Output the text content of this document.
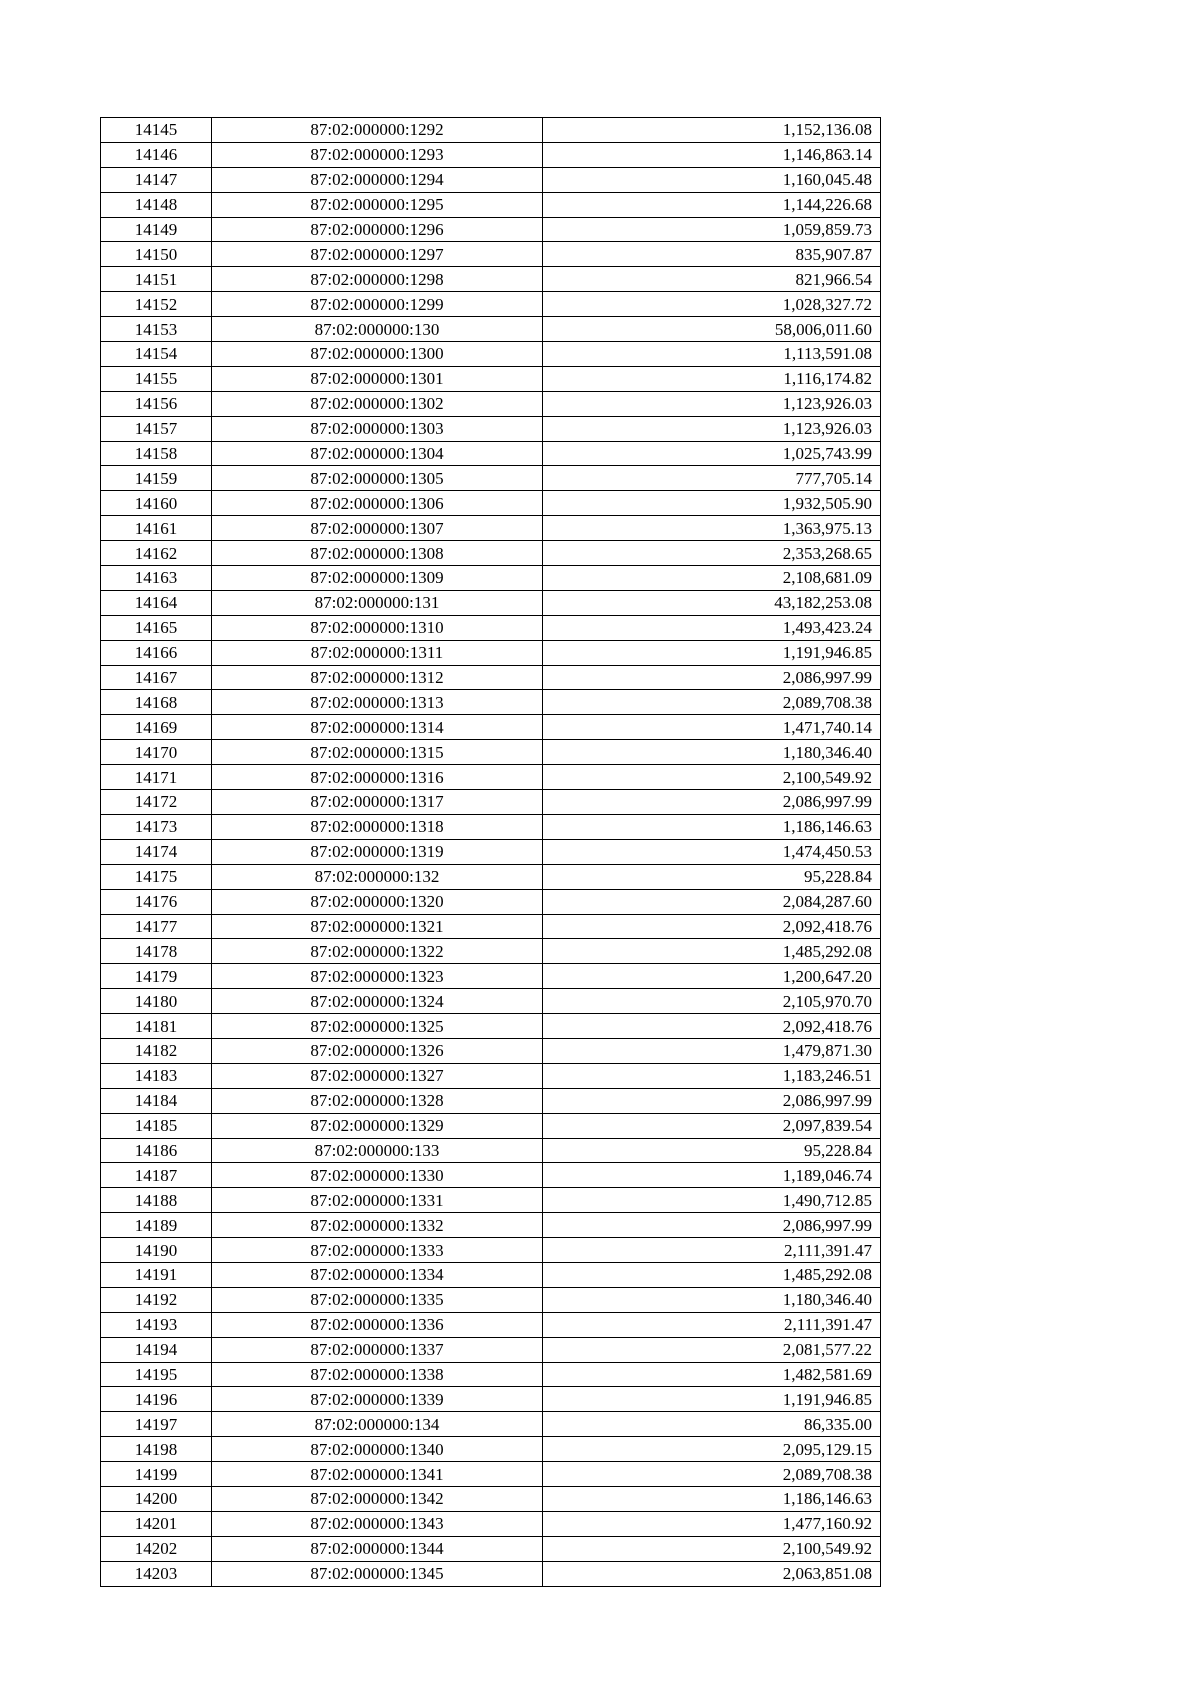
14145	87:02:000000:1292	1,152,136.08
14146	87:02:000000:1293	1,146,863.14
14147	87:02:000000:1294	1,160,045.48
14148	87:02:000000:1295	1,144,226.68
14149	87:02:000000:1296	1,059,859.73
14150	87:02:000000:1297	835,907.87
14151	87:02:000000:1298	821,966.54
14152	87:02:000000:1299	1,028,327.72
14153	87:02:000000:130	58,006,011.60
14154	87:02:000000:1300	1,113,591.08
14155	87:02:000000:1301	1,116,174.82
14156	87:02:000000:1302	1,123,926.03
14157	87:02:000000:1303	1,123,926.03
14158	87:02:000000:1304	1,025,743.99
14159	87:02:000000:1305	777,705.14
14160	87:02:000000:1306	1,932,505.90
14161	87:02:000000:1307	1,363,975.13
14162	87:02:000000:1308	2,353,268.65
14163	87:02:000000:1309	2,108,681.09
14164	87:02:000000:131	43,182,253.08
14165	87:02:000000:1310	1,493,423.24
14166	87:02:000000:1311	1,191,946.85
14167	87:02:000000:1312	2,086,997.99
14168	87:02:000000:1313	2,089,708.38
14169	87:02:000000:1314	1,471,740.14
14170	87:02:000000:1315	1,180,346.40
14171	87:02:000000:1316	2,100,549.92
14172	87:02:000000:1317	2,086,997.99
14173	87:02:000000:1318	1,186,146.63
14174	87:02:000000:1319	1,474,450.53
14175	87:02:000000:132	95,228.84
14176	87:02:000000:1320	2,084,287.60
14177	87:02:000000:1321	2,092,418.76
14178	87:02:000000:1322	1,485,292.08
14179	87:02:000000:1323	1,200,647.20
14180	87:02:000000:1324	2,105,970.70
14181	87:02:000000:1325	2,092,418.76
14182	87:02:000000:1326	1,479,871.30
14183	87:02:000000:1327	1,183,246.51
14184	87:02:000000:1328	2,086,997.99
14185	87:02:000000:1329	2,097,839.54
14186	87:02:000000:133	95,228.84
14187	87:02:000000:1330	1,189,046.74
14188	87:02:000000:1331	1,490,712.85
14189	87:02:000000:1332	2,086,997.99
14190	87:02:000000:1333	2,111,391.47
14191	87:02:000000:1334	1,485,292.08
14192	87:02:000000:1335	1,180,346.40
14193	87:02:000000:1336	2,111,391.47
14194	87:02:000000:1337	2,081,577.22
14195	87:02:000000:1338	1,482,581.69
14196	87:02:000000:1339	1,191,946.85
14197	87:02:000000:134	86,335.00
14198	87:02:000000:1340	2,095,129.15
14199	87:02:000000:1341	2,089,708.38
14200	87:02:000000:1342	1,186,146.63
14201	87:02:000000:1343	1,477,160.92
14202	87:02:000000:1344	2,100,549.92
14203	87:02:000000:1345	2,063,851.08
